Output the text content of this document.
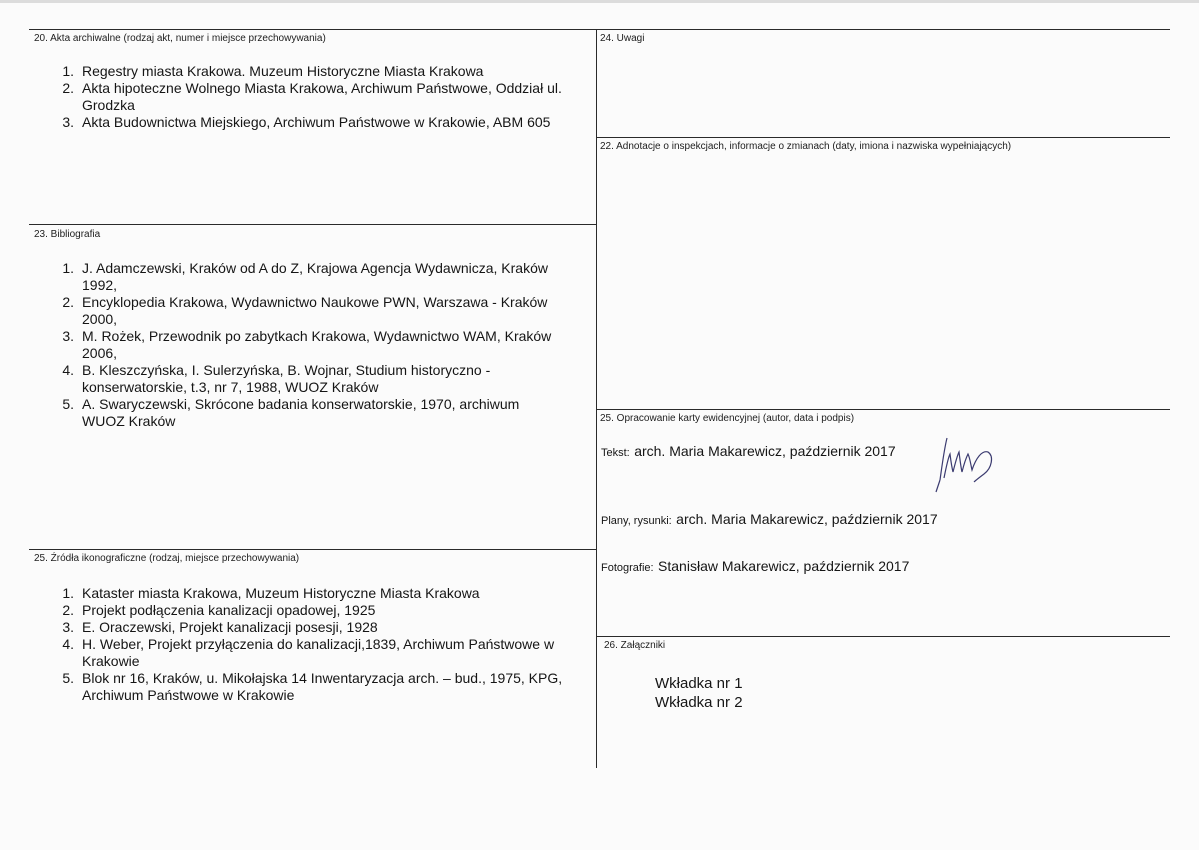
20. Akta archiwalne (rodzaj akt, numer i miejsce przechowywania)
1. Regestry miasta Krakowa. Muzeum Historyczne Miasta Krakowa
2. Akta hipoteczne Wolnego Miasta Krakowa, Archiwum Państwowe, Oddział ul. Grodzka
3. Akta Budownictwa Miejskiego, Archiwum Państwowe w Krakowie, ABM 605
23. Bibliografia
1. J. Adamczewski, Kraków od A do Z, Krajowa Agencja Wydawnicza, Kraków 1992,
2. Encyklopedia Krakowa, Wydawnictwo Naukowe PWN, Warszawa - Kraków 2000,
3. M. Rożek, Przewodnik po zabytkach Krakowa, Wydawnictwo WAM, Kraków 2006,
4. B. Kleszczyńska, I. Sulerzyńska, B. Wojnar, Studium historyczno - konserwatorskie, t.3, nr 7, 1988, WUOZ Kraków
5. A. Swaryczewski, Skrócone badania konserwatorskie, 1970, archiwum WUOZ Kraków
25. Źródła ikonograficzne (rodzaj, miejsce przechowywania)
1. Kataster miasta Krakowa, Muzeum Historyczne Miasta Krakowa
2. Projekt podłączenia kanalizacji opadowej, 1925
3. E. Oraczewski, Projekt kanalizacji posesji, 1928
4. H. Weber, Projekt przyłączenia do kanalizacji,1839, Archiwum Państwowe w Krakowie
5. Blok nr 16, Kraków, u. Mikołajska 14 Inwentaryzacja arch. – bud., 1975, KPG, Archiwum Państwowe w Krakowie
24. Uwagi
22. Adnotacje o inspekcjach, informacje o zmianach (daty, imiona i nazwiska wypełniających)
25. Opracowanie karty ewidencyjnej (autor, data i podpis)
Tekst: arch. Maria Makarewicz, październik 2017
Plany, rysunki: arch. Maria Makarewicz, październik 2017
Fotografie: Stanisław Makarewicz, październik 2017
26. Załączniki
Wkładka nr 1
Wkładka nr 2
